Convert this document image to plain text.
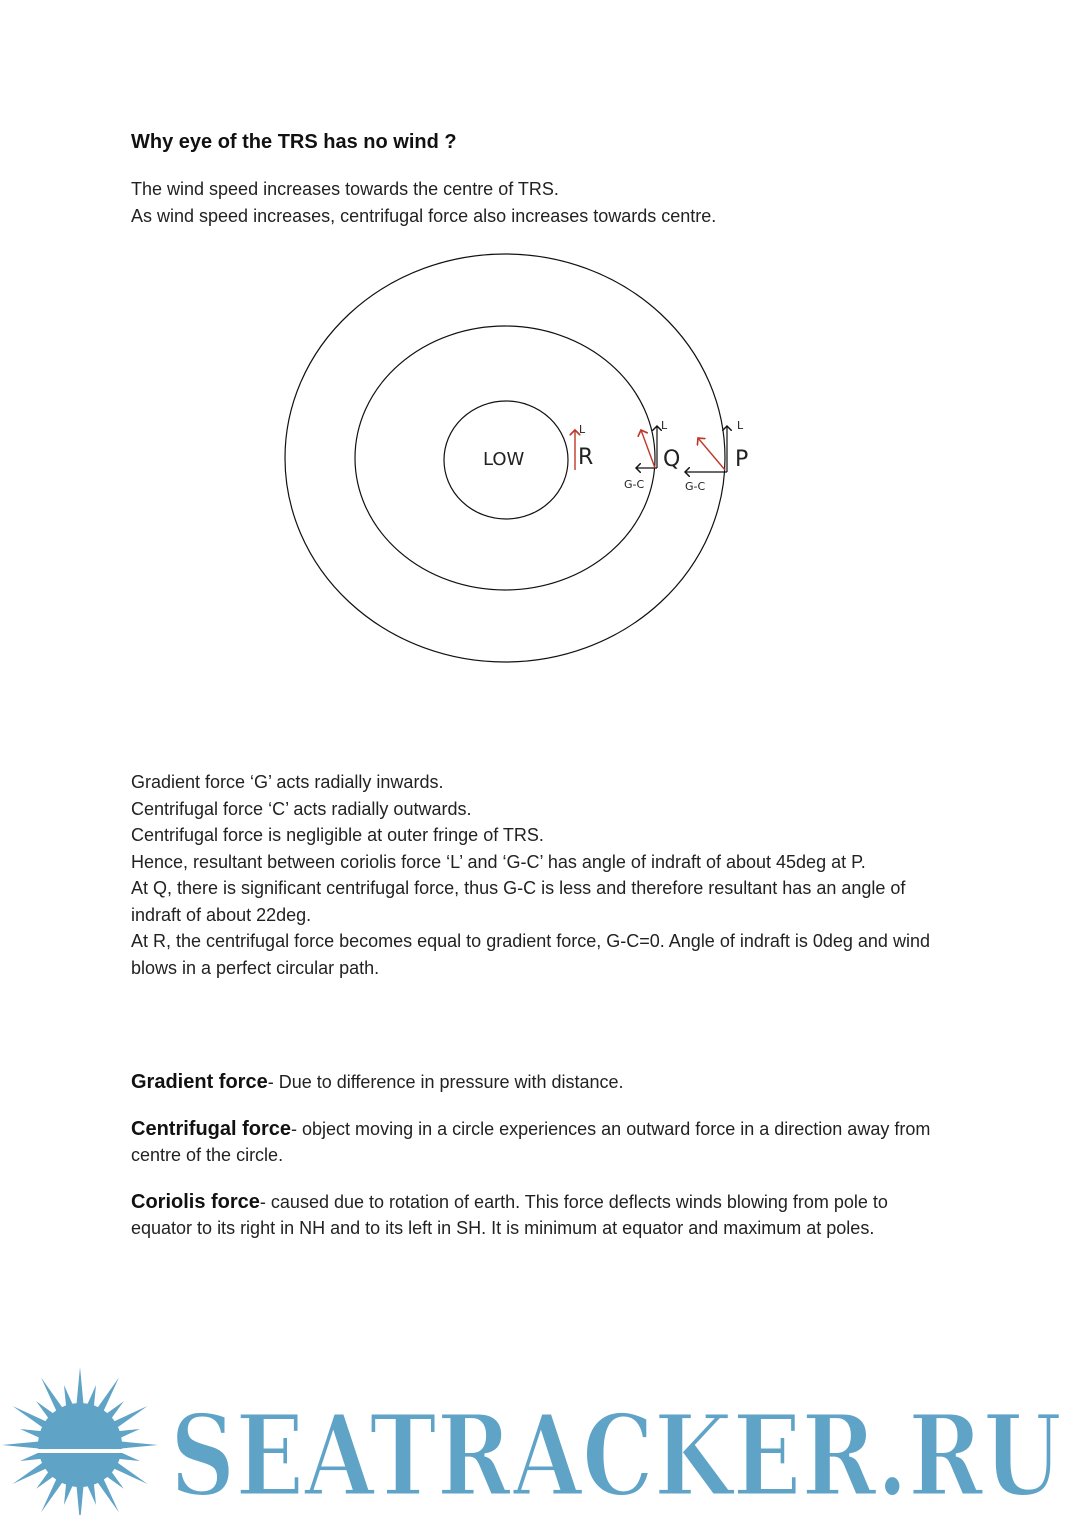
Why eye of the TRS has no wind ?

The wind speed increases towards the centre of TRS.

As wind speed increases, centrifugal force also increases towards centre.

LOW
L
R
L
G-C
Q
L
G-C
P

Gradient force ‘G’ acts radially inwards.

Centrifugal force ‘C’ acts radially outwards.

Centrifugal force is negligible at outer fringe of TRS.

Hence, resultant between coriolis force ‘L’ and ‘G-C’ has angle of indraft of about 45deg at P.

At Q, there is significant centrifugal force, thus G-C is less and therefore resultant has an angle of indraft of about 22deg.

At R, the centrifugal force becomes equal to gradient force, G-C=0. Angle of indraft is 0deg and wind blows in a perfect circular path.

Gradient force- Due to difference in pressure with distance.

Centrifugal force- object moving in a circle experiences an outward force in a direction away from centre of the circle.

Coriolis force- caused due to rotation of earth. This force deflects winds blowing from pole to equator to its right in NH and to its left in SH. It is minimum at equator and maximum at poles.

SEATRACKER.RU
